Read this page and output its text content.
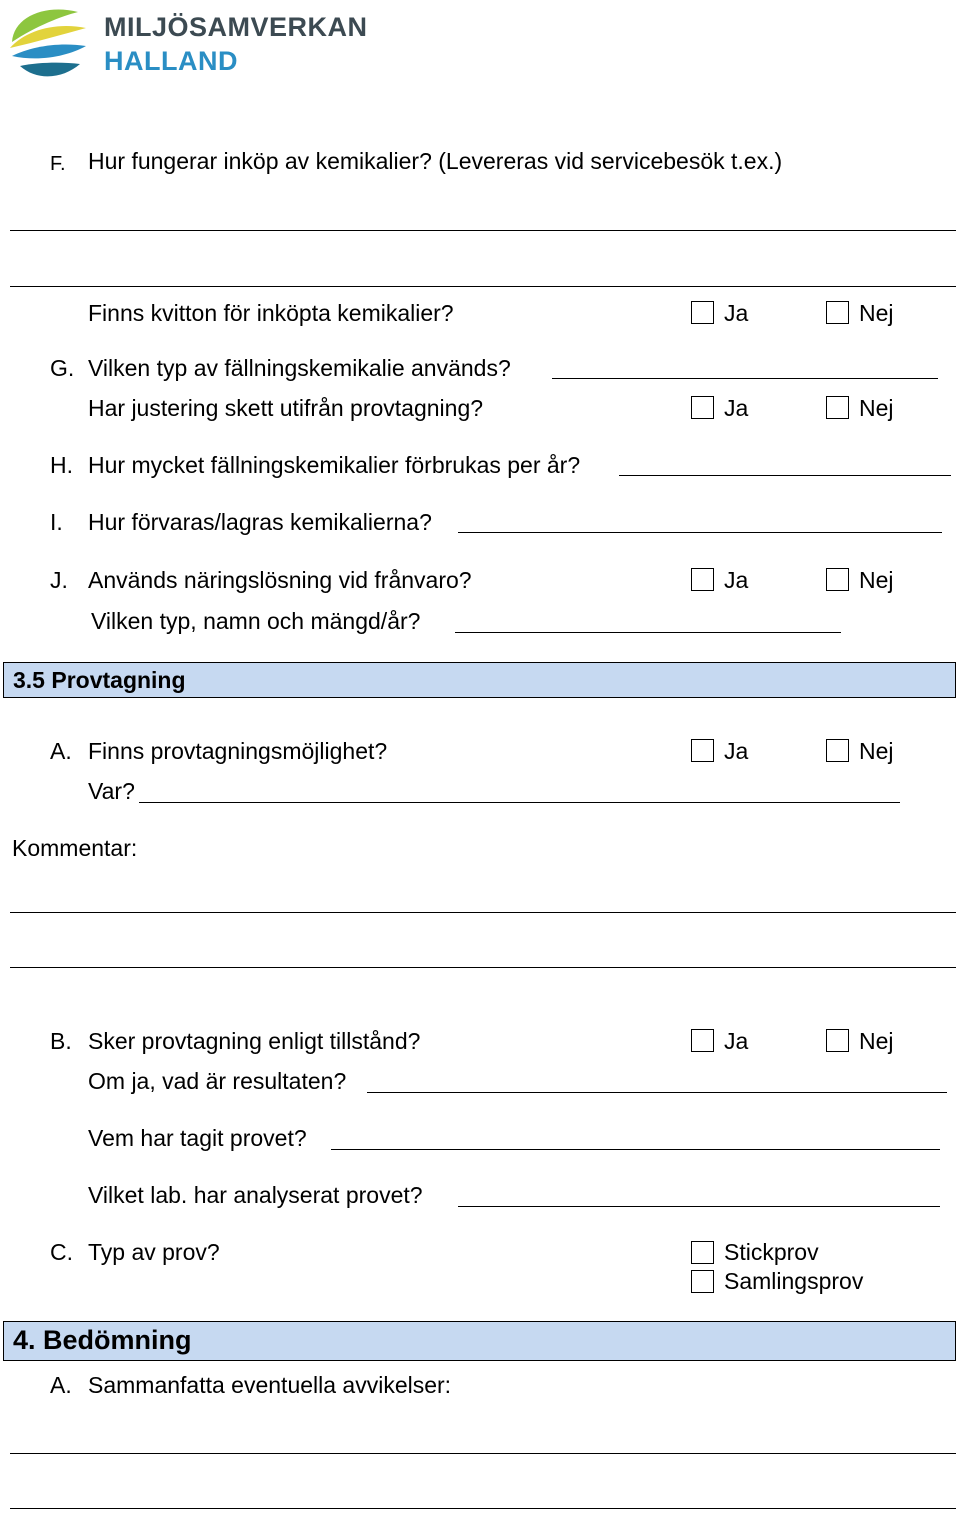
MILJÖSAMVERKAN
HALLAND
F. Hur fungerar inköp av kemikalier? (Levereras vid servicebesök t.ex.)
Finns kvitton för inköpta kemikalier?	Ja	Nej
G. Vilken typ av fällningskemikalie används?
Har justering skett utifrån provtagning?	Ja	Nej
H. Hur mycket fällningskemikalier förbrukas per år?
I. Hur förvaras/lagras kemikalierna?
J. Används näringslösning vid frånvaro?	Ja	Nej
Vilken typ, namn och mängd/år?
3.5 Provtagning
A. Finns provtagningsmöjlighet?	Ja	Nej
Var?
Kommentar:
B. Sker provtagning enligt tillstånd?	Ja	Nej
Om ja, vad är resultaten?
Vem har tagit provet?
Vilket lab. har analyserat provet?
C. Typ av prov?	Stickprov
Samlingsprov
4. Bedömning
A. Sammanfatta eventuella avvikelser:
